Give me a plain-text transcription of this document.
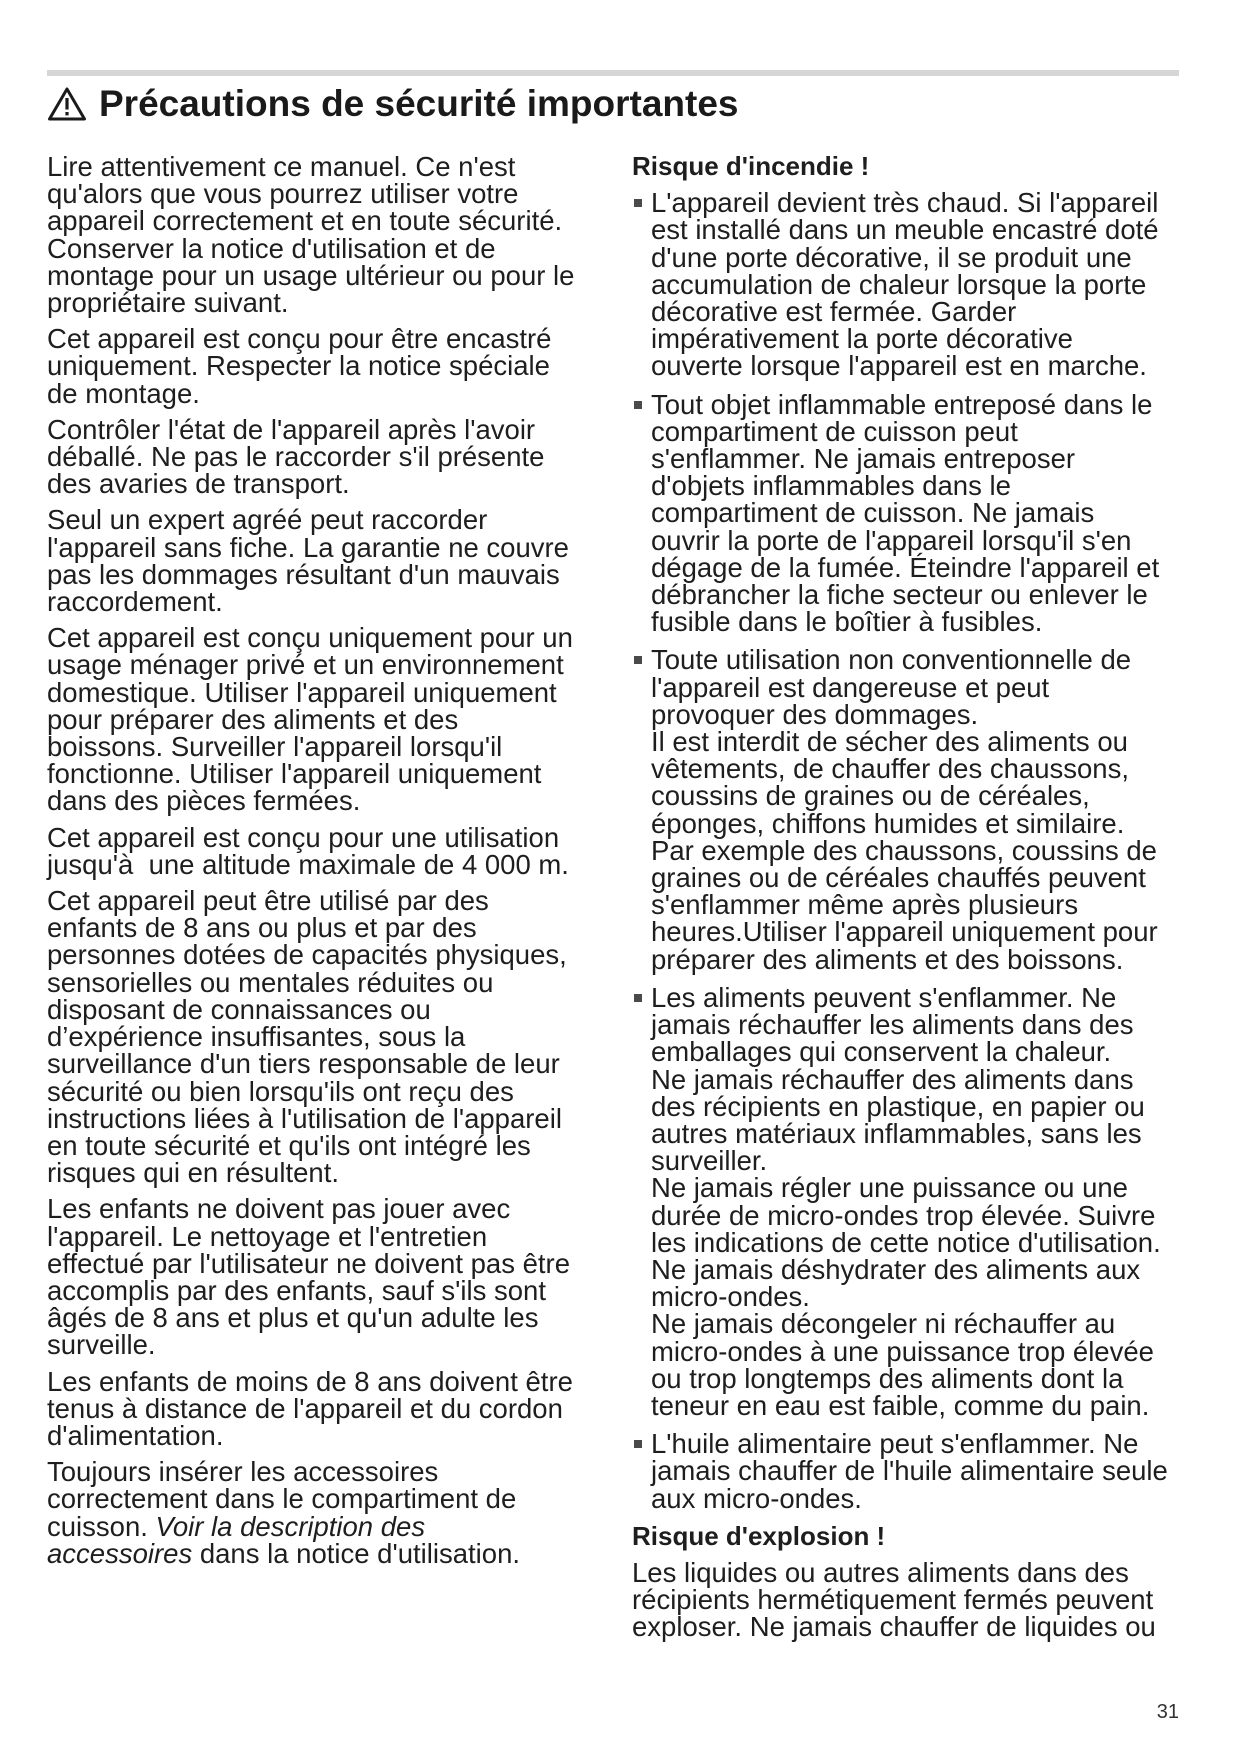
Précautions de sécurité importantes
Lire attentivement ce manuel. Ce n'est
qu'alors que vous pourrez utiliser votre
appareil correctement et en toute sécurité.
Conserver la notice d'utilisation et de
montage pour un usage ultérieur ou pour le
propriétaire suivant.
Cet appareil est conçu pour être encastré
uniquement. Respecter la notice spéciale
de montage.
Contrôler l'état de l'appareil après l'avoir
déballé. Ne pas le raccorder s'il présente
des avaries de transport.
Seul un expert agréé peut raccorder
l'appareil sans fiche. La garantie ne couvre
pas les dommages résultant d'un mauvais
raccordement.
Cet appareil est conçu uniquement pour un
usage ménager privé et un environnement
domestique. Utiliser l'appareil uniquement
pour préparer des aliments et des
boissons. Surveiller l'appareil lorsqu'il
fonctionne. Utiliser l'appareil uniquement
dans des pièces fermées.
Cet appareil est conçu pour une utilisation
jusqu'à  une altitude maximale de 4 000 m.
Cet appareil peut être utilisé par des
enfants de 8 ans ou plus et par des
personnes dotées de capacités physiques,
sensorielles ou mentales réduites ou
disposant de connaissances ou
d’expérience insuffisantes, sous la
surveillance d'un tiers responsable de leur
sécurité ou bien lorsqu'ils ont reçu des
instructions liées à l'utilisation de l'appareil
en toute sécurité et qu'ils ont intégré les
risques qui en résultent.
Les enfants ne doivent pas jouer avec
l'appareil. Le nettoyage et l'entretien
effectué par l'utilisateur ne doivent pas être
accomplis par des enfants, sauf s'ils sont
âgés de 8 ans et plus et qu'un adulte les
surveille.
Les enfants de moins de 8 ans doivent être
tenus à distance de l'appareil et du cordon
d'alimentation.
Toujours insérer les accessoires
correctement dans le compartiment de
cuisson. Voir la description des
accessoires dans la notice d'utilisation.
Risque d'incendie !
L'appareil devient très chaud. Si l'appareil
est installé dans un meuble encastré doté
d'une porte décorative, il se produit une
accumulation de chaleur lorsque la porte
décorative est fermée. Garder
impérativement la porte décorative
ouverte lorsque l'appareil est en marche.
Tout objet inflammable entreposé dans le
compartiment de cuisson peut
s'enflammer. Ne jamais entreposer
d'objets inflammables dans le
compartiment de cuisson. Ne jamais
ouvrir la porte de l'appareil lorsqu'il s'en
dégage de la fumée. Éteindre l'appareil et
débrancher la fiche secteur ou enlever le
fusible dans le boîtier à fusibles.
Toute utilisation non conventionnelle de
l'appareil est dangereuse et peut
provoquer des dommages.
Il est interdit de sécher des aliments ou
vêtements, de chauffer des chaussons,
coussins de graines ou de céréales,
éponges, chiffons humides et similaire.
Par exemple des chaussons, coussins de
graines ou de céréales chauffés peuvent
s'enflammer même après plusieurs
heures.Utiliser l'appareil uniquement pour
préparer des aliments et des boissons.
Les aliments peuvent s'enflammer. Ne
jamais réchauffer les aliments dans des
emballages qui conservent la chaleur.
Ne jamais réchauffer des aliments dans
des récipients en plastique, en papier ou
autres matériaux inflammables, sans les
surveiller.
Ne jamais régler une puissance ou une
durée de micro-ondes trop élevée. Suivre
les indications de cette notice d'utilisation.
Ne jamais déshydrater des aliments aux
micro-ondes.
Ne jamais décongeler ni réchauffer au
micro-ondes à une puissance trop élevée
ou trop longtemps des aliments dont la
teneur en eau est faible, comme du pain.
L'huile alimentaire peut s'enflammer. Ne
jamais chauffer de l'huile alimentaire seule
aux micro-ondes.
Risque d'explosion !
Les liquides ou autres aliments dans des
récipients hermétiquement fermés peuvent
exploser. Ne jamais chauffer de liquides ou
31
